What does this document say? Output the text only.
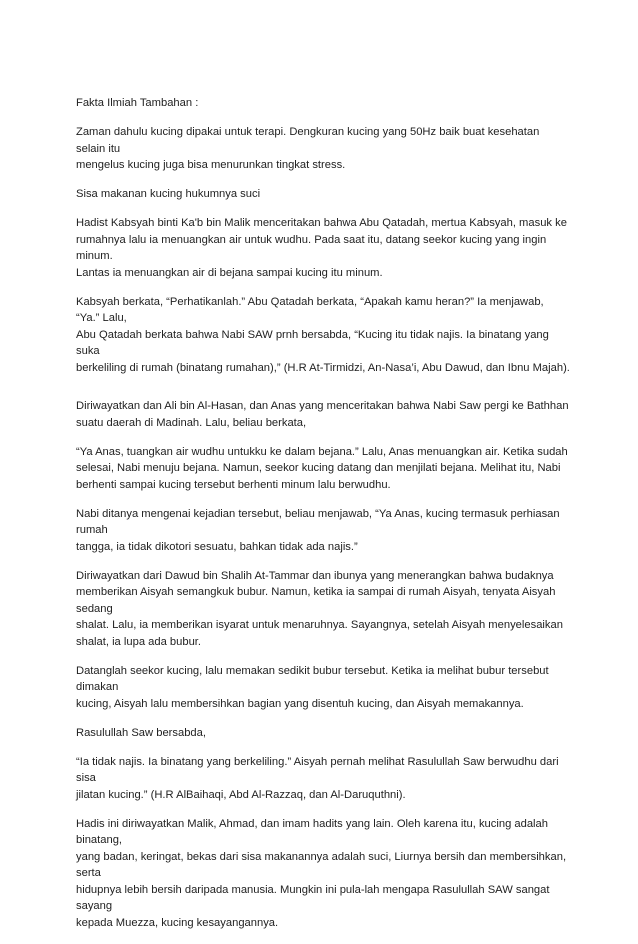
Fakta Ilmiah Tambahan :

Zaman dahulu kucing dipakai untuk terapi. Dengkuran kucing yang 50Hz baik buat kesehatan selain itu
mengelus kucing juga bisa menurunkan tingkat stress.

Sisa makanan kucing hukumnya suci

Hadist Kabsyah binti Ka'b bin Malik menceritakan bahwa Abu Qatadah, mertua Kabsyah, masuk ke
rumahnya lalu ia menuangkan air untuk wudhu. Pada saat itu, datang seekor kucing yang ingin minum.
Lantas ia menuangkan air di bejana sampai kucing itu minum.

Kabsyah berkata, “Perhatikanlah.” Abu Qatadah berkata, “Apakah kamu heran?” Ia menjawab, “Ya.” Lalu,
Abu Qatadah berkata bahwa Nabi SAW prnh bersabda, “Kucing itu tidak najis. Ia binatang yang suka
berkeliling di rumah (binatang rumahan),” (H.R At-Tirmidzi, An-Nasa’i, Abu Dawud, dan Ibnu Majah).

Diriwayatkan dan Ali bin Al-Hasan, dan Anas yang menceritakan bahwa Nabi Saw pergi ke Bathhan
suatu daerah di Madinah. Lalu, beliau berkata,

“Ya Anas, tuangkan air wudhu untukku ke dalam bejana.” Lalu, Anas menuangkan air. Ketika sudah
selesai, Nabi menuju bejana. Namun, seekor kucing datang dan menjilati bejana. Melihat itu, Nabi
berhenti sampai kucing tersebut berhenti minum lalu berwudhu.

Nabi ditanya mengenai kejadian tersebut, beliau menjawab, “Ya Anas, kucing termasuk perhiasan rumah
tangga, ia tidak dikotori sesuatu, bahkan tidak ada najis.”

Diriwayatkan dari Dawud bin Shalih At-Tammar dan ibunya yang menerangkan bahwa budaknya
memberikan Aisyah semangkuk bubur. Namun, ketika ia sampai di rumah Aisyah, tenyata Aisyah sedang
shalat. Lalu, ia memberikan isyarat untuk menaruhnya. Sayangnya, setelah Aisyah menyelesaikan
shalat, ia lupa ada bubur.

Datanglah seekor kucing, lalu memakan sedikit bubur tersebut. Ketika ia melihat bubur tersebut dimakan
kucing, Aisyah lalu membersihkan bagian yang disentuh kucing, dan Aisyah memakannya.

Rasulullah Saw bersabda,

“Ia tidak najis. Ia binatang yang berkeliling.” Aisyah pernah melihat Rasulullah Saw berwudhu dari sisa
jilatan kucing.” (H.R AlBaihaqi, Abd Al-Razzaq, dan Al-Daruquthni).

Hadis ini diriwayatkan Malik, Ahmad, dan imam hadits yang lain. Oleh karena itu, kucing adalah binatang,
yang badan, keringat, bekas dari sisa makanannya adalah suci, Liurnya bersih dan membersihkan, serta
hidupnya lebih bersih daripada manusia. Mungkin ini pula-lah mengapa Rasulullah SAW sangat sayang
kepada Muezza, kucing kesayangannya.
